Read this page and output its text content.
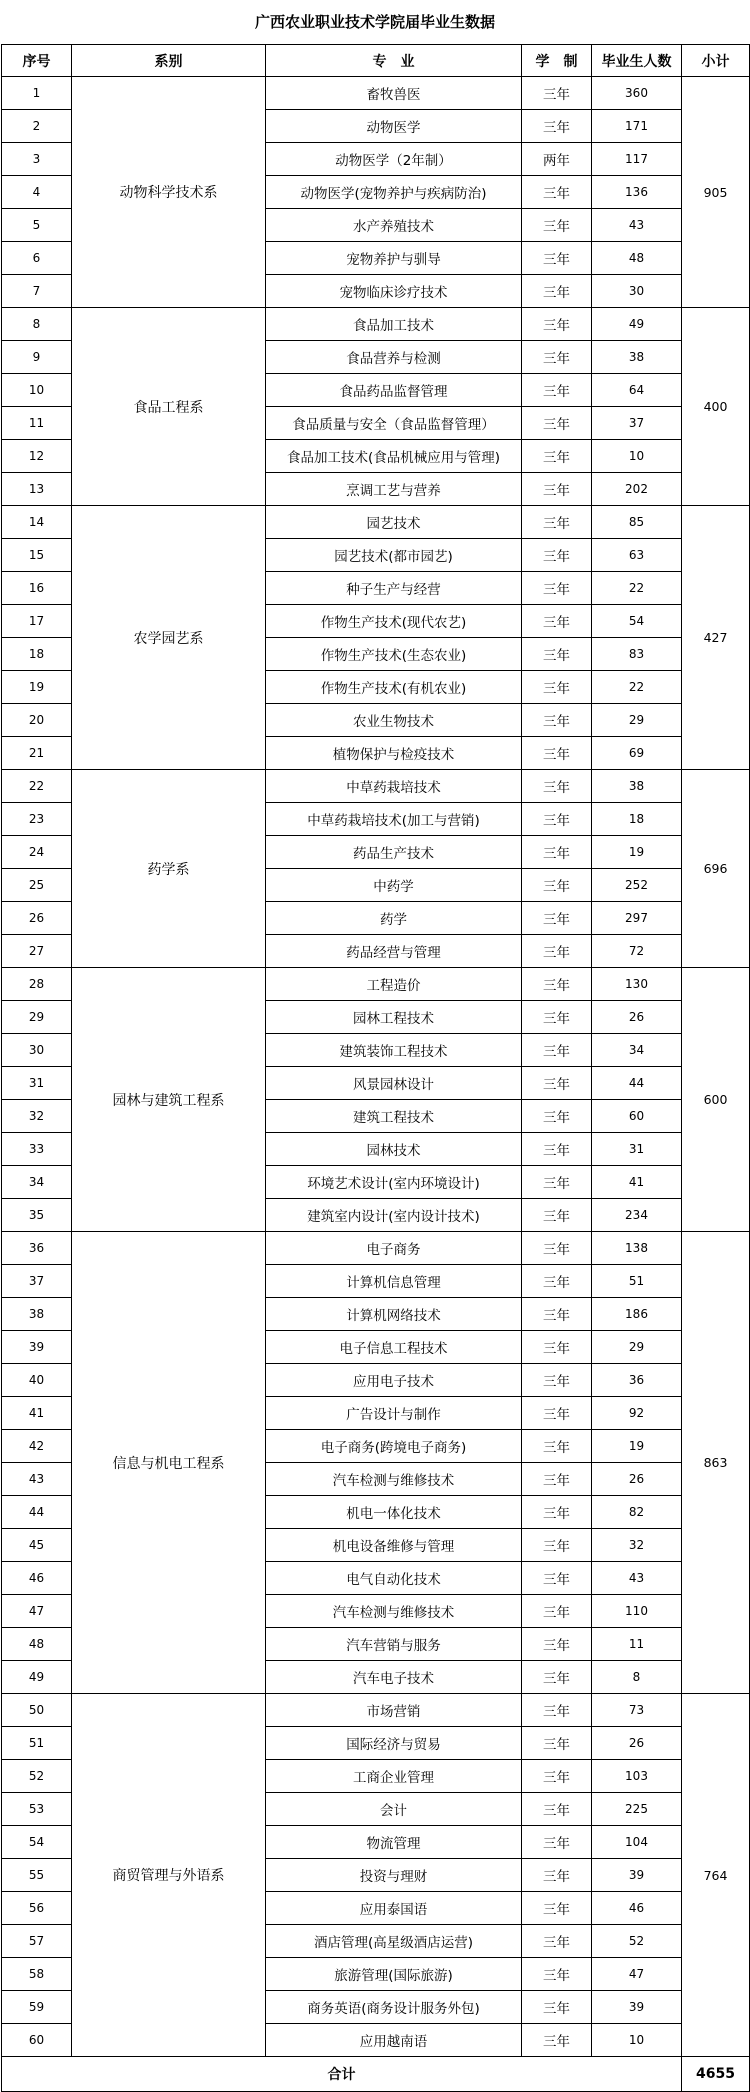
广西农业职业技术学院届毕业生数据
序号	系别	专　业	学　制	毕业生人数	小计
1	动物科学技术系	畜牧兽医	三年	360	905
2		动物医学	三年	171	
3		动物医学（2年制）	两年	117	
4		动物医学(宠物养护与疾病防治)	三年	136	
5		水产养殖技术	三年	43	
6		宠物养护与驯导	三年	48	
7		宠物临床诊疗技术	三年	30	
8	食品工程系	食品加工技术	三年	49	400
9		食品营养与检测	三年	38	
10		食品药品监督管理	三年	64	
11		食品质量与安全（食品监督管理）	三年	37	
12		食品加工技术(食品机械应用与管理)	三年	10	
13		烹调工艺与营养	三年	202	
14	农学园艺系	园艺技术	三年	85	427
15		园艺技术(都市园艺)	三年	63	
16		种子生产与经营	三年	22	
17		作物生产技术(现代农艺)	三年	54	
18		作物生产技术(生态农业)	三年	83	
19		作物生产技术(有机农业)	三年	22	
20		农业生物技术	三年	29	
21		植物保护与检疫技术	三年	69	
22	药学系	中草药栽培技术	三年	38	696
23		中草药栽培技术(加工与营销)	三年	18	
24		药品生产技术	三年	19	
25		中药学	三年	252	
26		药学	三年	297	
27		药品经营与管理	三年	72	
28	园林与建筑工程系	工程造价	三年	130	600
29		园林工程技术	三年	26	
30		建筑装饰工程技术	三年	34	
31		风景园林设计	三年	44	
32		建筑工程技术	三年	60	
33		园林技术	三年	31	
34		环境艺术设计(室内环境设计)	三年	41	
35		建筑室内设计(室内设计技术)	三年	234	
36	信息与机电工程系	电子商务	三年	138	863
37		计算机信息管理	三年	51	
38		计算机网络技术	三年	186	
39		电子信息工程技术	三年	29	
40		应用电子技术	三年	36	
41		广告设计与制作	三年	92	
42		电子商务(跨境电子商务)	三年	19	
43		汽车检测与维修技术	三年	26	
44		机电一体化技术	三年	82	
45		机电设备维修与管理	三年	32	
46		电气自动化技术	三年	43	
47		汽车检测与维修技术	三年	110	
48		汽车营销与服务	三年	11	
49		汽车电子技术	三年	8	
50	商贸管理与外语系	市场营销	三年	73	764
51		国际经济与贸易	三年	26	
52		工商企业管理	三年	103	
53		会计	三年	225	
54		物流管理	三年	104	
55		投资与理财	三年	39	
56		应用泰国语	三年	46	
57		酒店管理(高星级酒店运营)	三年	52	
58		旅游管理(国际旅游)	三年	47	
59		商务英语(商务设计服务外包)	三年	39	
60		应用越南语	三年	10	
合计					4655
